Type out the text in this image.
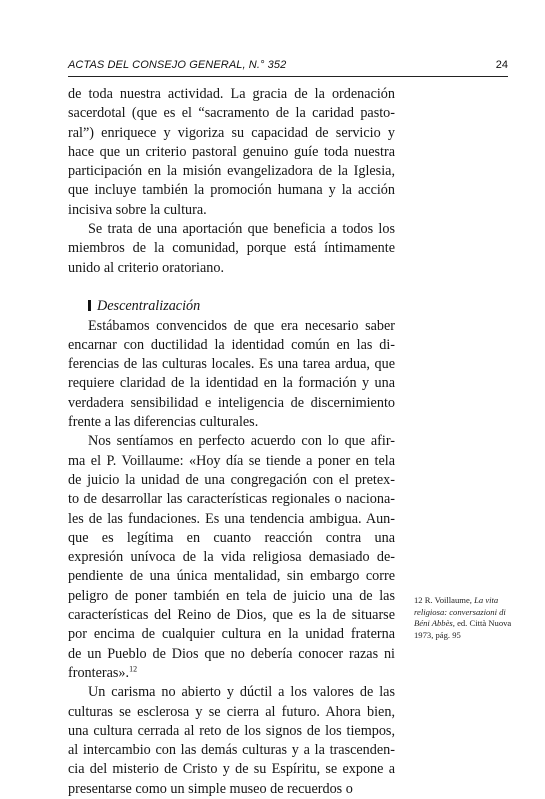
ACTAS DEL CONSEJO GENERAL, N.° 352	24
de toda nuestra actividad. La gracia de la ordenación
sacerdotal (que es el “sacramento de la caridad pasto-
ral”) enriquece y vigoriza su capacidad de servicio y
hace que un criterio pastoral genuino guíe toda nuestra
participación en la misión evangelizadora de la Iglesia,
que incluye también la promoción humana y la acción
incisiva sobre la cultura.
Se trata de una aportación que beneficia a todos los
miembros de la comunidad, porque está íntimamente
unido al criterio oratoriano.
Descentralización
Estábamos convencidos de que era necesario saber
encarnar con ductilidad la identidad común en las di-
ferencias de las culturas locales. Es una tarea ardua, que
requiere claridad de la identidad en la formación y una
verdadera sensibilidad e inteligencia de discernimiento
frente a las diferencias culturales.
Nos sentíamos en perfecto acuerdo con lo que afir-
ma el P. Voillaume: «Hoy día se tiende a poner en tela
de juicio la unidad de una congregación con el pretex-
to de desarrollar las características regionales o naciona-
les de las fundaciones. Es una tendencia ambigua. Aun-
que es legítima en cuanto reacción contra una
expresión unívoca de la vida religiosa demasiado de-
pendiente de una única mentalidad, sin embargo corre
peligro de poner también en tela de juicio una de las
características del Reino de Dios, que es la de situarse
por encima de cualquier cultura en la unidad fraterna
de un Pueblo de Dios que no debería conocer razas ni
fronteras».$^{12}$
Un carisma no abierto y dúctil a los valores de las
culturas se esclerosa y se cierra al futuro. Ahora bien,
una cultura cerrada al reto de los signos de los tiempos,
al intercambio con las demás culturas y a la trascenden-
cia del misterio de Cristo y de su Espíritu, se expone a
presentarse como un simple museo de recuerdos o
12 R. Voillaume, La vita religiosa: conversazioni di Béni Abbès, ed. Città Nuova 1973, pág. 95
